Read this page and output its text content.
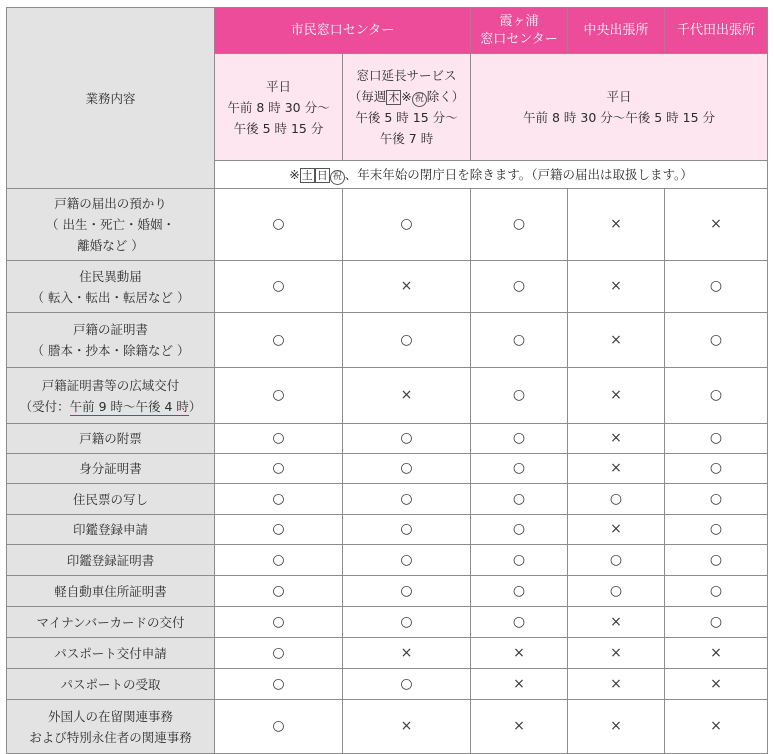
業務内容	市民窓口センター		霞ヶ浦
窓口センター	中央出張所	千代田出張所
	平日
午前 8 時 30 分～
午後 5 時 15 分	窓口延長サービス
（毎週 木 ※ 祝 除く）
午後 5 時 15 分～
午後 7 時	平日
午前 8 時 30 分～午後 5 時 15 分		
	※ 土 日 祝 、年末年始の閉庁日を除きます。（戸籍の届出は取扱します。）				
戸籍の届出の預かり
（ 出生・死亡・婚姻・
離婚など ）	○	○	○	×	×
住民異動届
（ 転入・転出・転居など ）	○	×	○	×	○
戸籍の証明書
（ 謄本・抄本・除籍など ）	○	○	○	×	○
戸籍証明書等の広域交付
（受付：午前 9 時～午後 4 時）	○	×	○	×	○
戸籍の附票	○	○	○	×	○
身分証明書	○	○	○	×	○
住民票の写し	○	○	○	○	○
印鑑登録申請	○	○	○	×	○
印鑑登録証明書	○	○	○	○	○
軽自動車住所証明書	○	○	○	○	○
マイナンバーカードの交付	○	○	○	×	○
パスポート交付申請	○	×	×	×	×
パスポートの受取	○	○	×	×	×
外国人の在留関連事務
および特別永住者の関連事務	○	×	×	×	×
